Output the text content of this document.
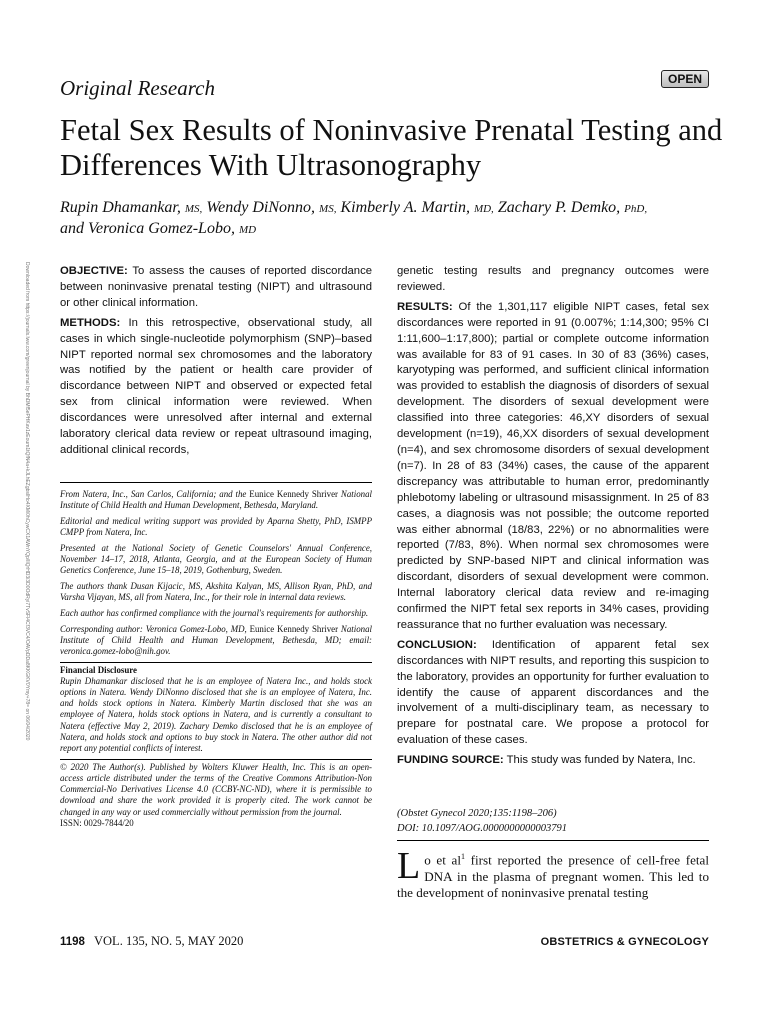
Original Research	OPEN
Fetal Sex Results of Noninvasive Prenatal Testing and Differences With Ultrasonography
Rupin Dhamankar, MS, Wendy DiNonno, MS, Kimberly A. Martin, MD, Zachary P. Demko, PhD,
and Veronica Gomez-Lobo, MD
Downloaded from https://journals.lww.com/greenjournal by BhDMf5ePHKav1zEoum1tQfN4a+kJLhEZgbsIHo4XMi0hCywCX1AWnYQp/IlQrHD3i3D0OdRyi7TvSFl4Cf3VC4/OAVpDDa8KKGKV0Ymy+78= on 06/04/2020	OBJECTIVE: To assess the causes of reported discordance between noninvasive prenatal testing (NIPT) and ultrasound or other clinical information.

METHODS: In this retrospective, observational study, all cases in which single-nucleotide polymorphism (SNP)–based NIPT reported normal sex chromosomes and the laboratory was notified by the patient or health care provider of discordance between NIPT and observed or expected fetal sex from clinical information were reviewed. When discordances were unresolved after internal and external laboratory clerical data review or repeat ultrasound imaging, additional clinical records,

From Natera, Inc., San Carlos, California; and the Eunice Kennedy Shriver National Institute of Child Health and Human Development, Bethesda, Maryland.

Editorial and medical writing support was provided by Aparna Shetty, PhD, ISMPP CMPP from Natera, Inc.

Presented at the National Society of Genetic Counselors' Annual Conference, November 14–17, 2018, Atlanta, Georgia, and at the European Society of Human Genetics Conference, June 15–18, 2019, Gothenburg, Sweden.

The authors thank Dusan Kijacic, MS, Akshita Kalyan, MS, Allison Ryan, PhD, and Varsha Vijayan, MS, all from Natera, Inc., for their role in internal data reviews.

Each author has confirmed compliance with the journal's requirements for authorship.

Corresponding author: Veronica Gomez-Lobo, MD, Eunice Kennedy Shriver National Institute of Child Health and Human Development, Bethesda, MD; email: veronica.gomez-lobo@nih.gov.

Financial Disclosure

Rupin Dhamankar disclosed that he is an employee of Natera Inc., and holds stock options in Natera. Wendy DiNonno disclosed that she is an employee of Natera, Inc. and holds stock options in Natera. Kimberly Martin disclosed that she was an employee of Natera, holds stock options in Natera, and is currently a consultant to Natera (effective May 2, 2019). Zachary Demko disclosed that he is an employee of Natera, and holds stock and options to buy stock in Natera. The other author did not report any potential conflicts of interest.

© 2020 The Author(s). Published by Wolters Kluwer Health, Inc. This is an open-access article distributed under the terms of the Creative Commons Attribution-Non Commercial-No Derivatives License 4.0 (CCBY-NC-ND), where it is permissible to download and share the work provided it is properly cited. The work cannot be changed in any way or used commercially without permission from the journal.

ISSN: 0029-7844/20

genetic testing results and pregnancy outcomes were reviewed.

RESULTS: Of the 1,301,117 eligible NIPT cases, fetal sex discordances were reported in 91 (0.007%; 1:14,300; 95% CI 1:11,600–1:17,800); partial or complete outcome information was available for 83 of 91 cases. In 30 of 83 (36%) cases, karyotyping was performed, and sufficient clinical information was provided to establish the diagnosis of disorders of sexual development. The disorders of sexual development were classified into three categories: 46,XY disorders of sexual development (n=19), 46,XX disorders of sexual development (n=4), and sex chromosome disorders of sexual development (n=7). In 28 of 83 (34%) cases, the cause of the apparent discrepancy was attributable to human error, predominantly phlebotomy labeling or ultrasound misassignment. In 25 of 83 cases, a diagnosis was not possible; the outcome reported was either abnormal (18/83, 22%) or no abnormalities were reported (7/83, 8%). When normal sex chromosomes were predicted by SNP-based NIPT and clinical information was discordant, disorders of sexual development were common. Internal laboratory clerical data review and re-imaging confirmed the NIPT fetal sex reports in 34% cases, providing reassurance that no further evaluation was necessary.

CONCLUSION: Identification of apparent fetal sex discordances with NIPT results, and reporting this suspicion to the laboratory, provides an opportunity for further evaluation to identify the cause of apparent discordances and the involvement of a multi-disciplinary team, as necessary to prepare for postnatal care. We propose a protocol for evaluation of these cases.

FUNDING SOURCE: This study was funded by Natera, Inc.

(Obstet Gynecol 2020;135:1198–206)
DOI: 10.1097/AOG.0000000000003791
Lo et $al^1$ first reported the presence of cell-free fetal DNA in the plasma of pregnant women. This led to the development of noninvasive prenatal testing
1198 VOL. 135, NO. 5, MAY 2020	OBSTETRICS & GYNECOLOGY
